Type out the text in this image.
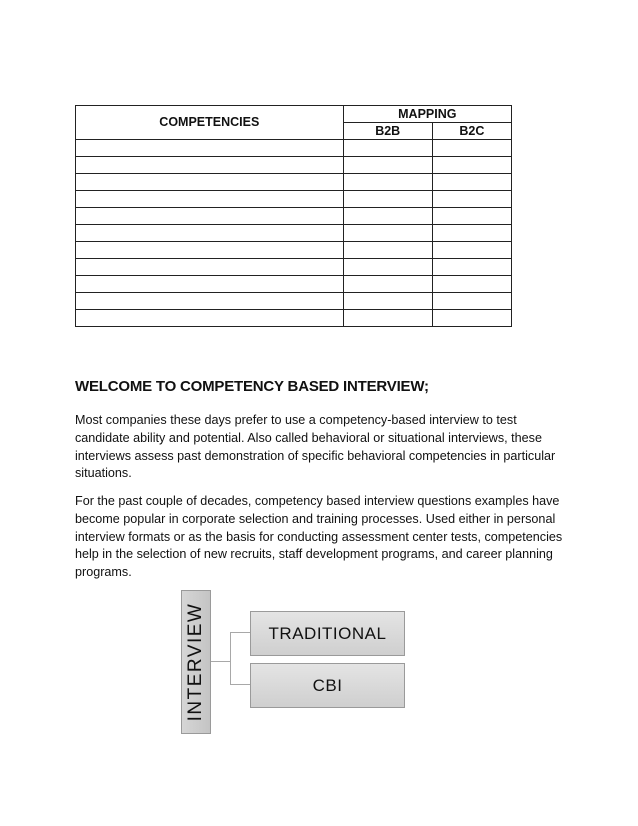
COMPETENCIES	MAPPING	
	B2B	B2C

WELCOME TO COMPETENCY BASED INTERVIEW;

Most companies these days prefer to use a competency-based interview to test candidate ability and potential. Also called behavioral or situational interviews, these interviews assess past demonstration of specific behavioral competencies in particular situations.

For the past couple of decades, competency based interview questions examples have become popular in corporate selection and training processes. Used either in personal interview formats or as the basis for conducting assessment center tests, competencies help in the selection of new recruits, staff development programs, and career planning programs.

INTERVIEW	TRADITIONAL
CBI
